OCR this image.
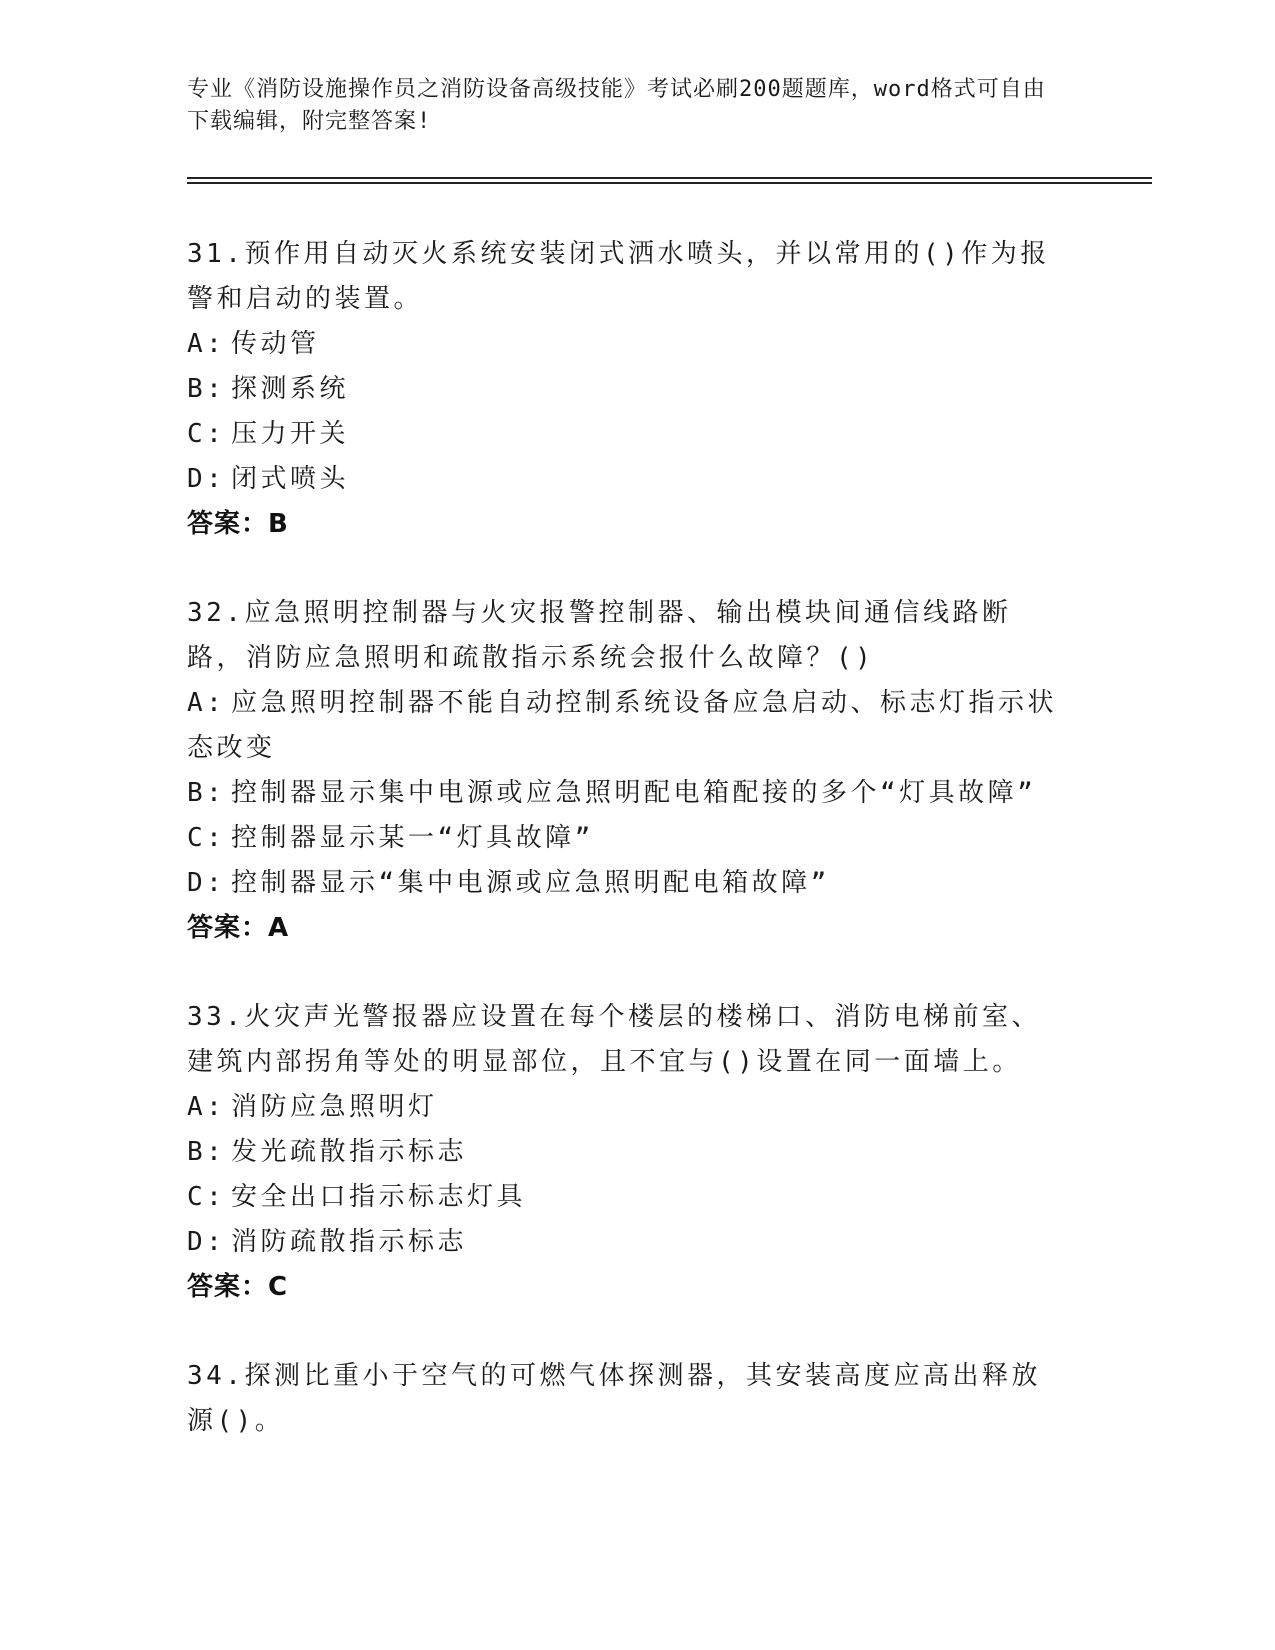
专业《消防设施操作员之消防设备高级技能》考试必刷200题题库，word格式可自由下载编辑，附完整答案!
31.预作用自动灭火系统安装闭式洒水喷头，并以常用的()作为报警和启动的装置。
A: 传动管
B: 探测系统
C: 压力开关
D: 闭式喷头
答案：B
32.应急照明控制器与火灾报警控制器、输出模块间通信线路断路，消防应急照明和疏散指示系统会报什么故障？()
A: 应急照明控制器不能自动控制系统设备应急启动、标志灯指示状态改变
B: 控制器显示集中电源或应急照明配电箱配接的多个“灯具故障”
C: 控制器显示某一“灯具故障”
D: 控制器显示“集中电源或应急照明配电箱故障”
答案：A
33.火灾声光警报器应设置在每个楼层的楼梯口、消防电梯前室、建筑内部拐角等处的明显部位，且不宜与()设置在同一面墙上。
A: 消防应急照明灯
B: 发光疏散指示标志
C: 安全出口指示标志灯具
D: 消防疏散指示标志
答案：C
34.探测比重小于空气的可燃气体探测器，其安装高度应高出释放源()。
